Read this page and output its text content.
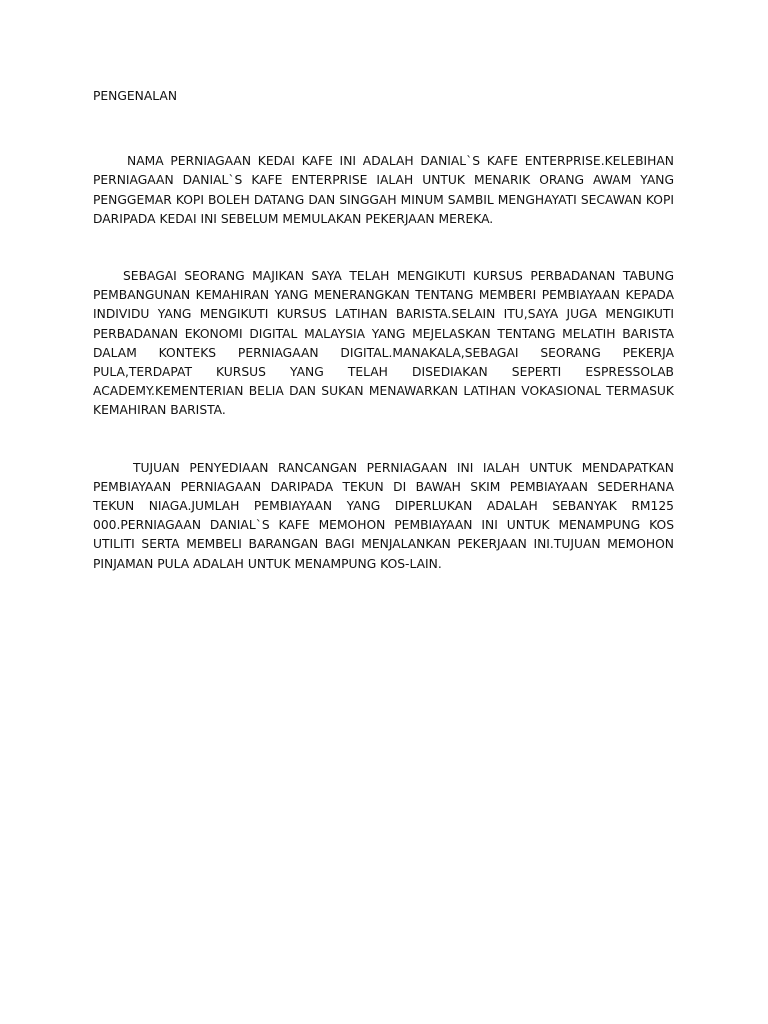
PENGENALAN

NAMA PERNIAGAAN KEDAI KAFE INI ADALAH DANIAL`S KAFE ENTERPRISE.KELEBIHAN PERNIAGAAN DANIAL`S KAFE ENTERPRISE IALAH UNTUK MENARIK ORANG AWAM YANG PENGGEMAR KOPI BOLEH DATANG DAN SINGGAH MINUM SAMBIL MENGHAYATI SECAWAN KOPI DARIPADA KEDAI INI SEBELUM MEMULAKAN PEKERJAAN MEREKA.

SEBAGAI SEORANG MAJIKAN SAYA TELAH MENGIKUTI KURSUS PERBADANAN TABUNG PEMBANGUNAN KEMAHIRAN YANG MENERANGKAN TENTANG MEMBERI PEMBIAYAAN KEPADA INDIVIDU YANG MENGIKUTI KURSUS LATIHAN BARISTA.SELAIN ITU,SAYA JUGA MENGIKUTI PERBADANAN EKONOMI DIGITAL MALAYSIA YANG MEJELASKAN TENTANG MELATIH BARISTA DALAM KONTEKS PERNIAGAAN DIGITAL.MANAKALA,SEBAGAI SEORANG PEKERJA PULA,TERDAPAT KURSUS YANG TELAH DISEDIAKAN SEPERTI ESPRESSOLAB ACADEMY.KEMENTERIAN BELIA DAN SUKAN MENAWARKAN LATIHAN VOKASIONAL TERMASUK KEMAHIRAN BARISTA.

TUJUAN PENYEDIAAN RANCANGAN PERNIAGAAN INI IALAH UNTUK MENDAPATKAN PEMBIAYAAN PERNIAGAAN DARIPADA TEKUN DI BAWAH SKIM PEMBIAYAAN SEDERHANA TEKUN NIAGA.JUMLAH PEMBIAYAAN YANG DIPERLUKAN ADALAH SEBANYAK RM125 000.PERNIAGAAN DANIAL`S KAFE MEMOHON PEMBIAYAAN INI UNTUK MENAMPUNG KOS UTILITI SERTA MEMBELI BARANGAN BAGI MENJALANKAN PEKERJAAN INI.TUJUAN MEMOHON PINJAMAN PULA ADALAH UNTUK MENAMPUNG KOS-LAIN.
